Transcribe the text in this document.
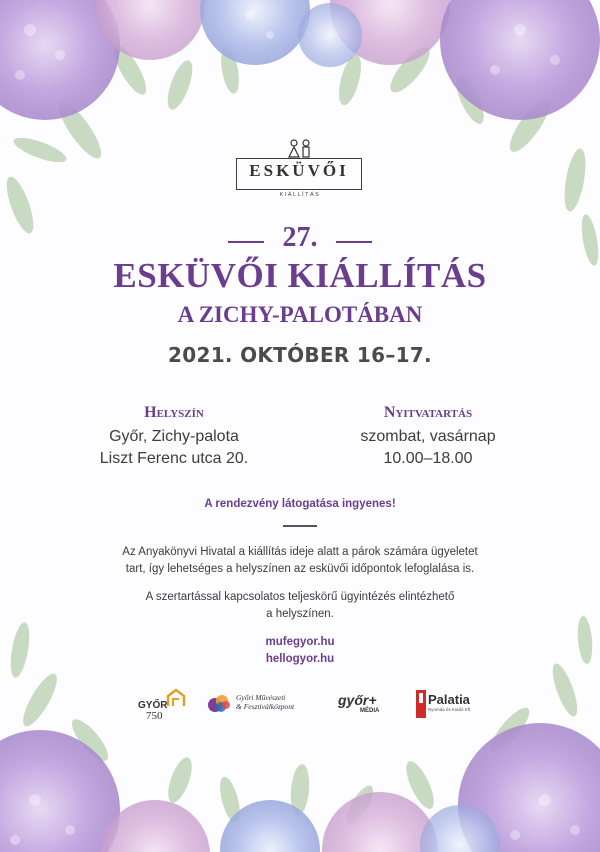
ESKÜVŐI
KIÁLLÍTÁS
27.
ESKÜVŐI KIÁLLÍTÁS
A ZICHY-PALOTÁBAN
2021. OKTÓBER 16–17.
Helyszín
Győr, Zichy-palota
Liszt Ferenc utca 20.
Nyitvatartás
szombat, vasárnap
10.00–18.00
A rendezvény látogatása ingyenes!
Az Anyakönyvi Hivatal a kiállítás ideje alatt a párok számára ügyeletet
tart, így lehetséges a helyszínen az esküvői időpontok lefoglalása is.
A szertartással kapcsolatos teljeskörű ügyintézés elintézhető
a helyszínen.
mufegyor.hu
hellogyor.hu
GYŐR
750
Győri Művészeti
& Fesztiválközpont	győr+
MÉDIA
Palatia
Nyomda és Kiadó Kft
